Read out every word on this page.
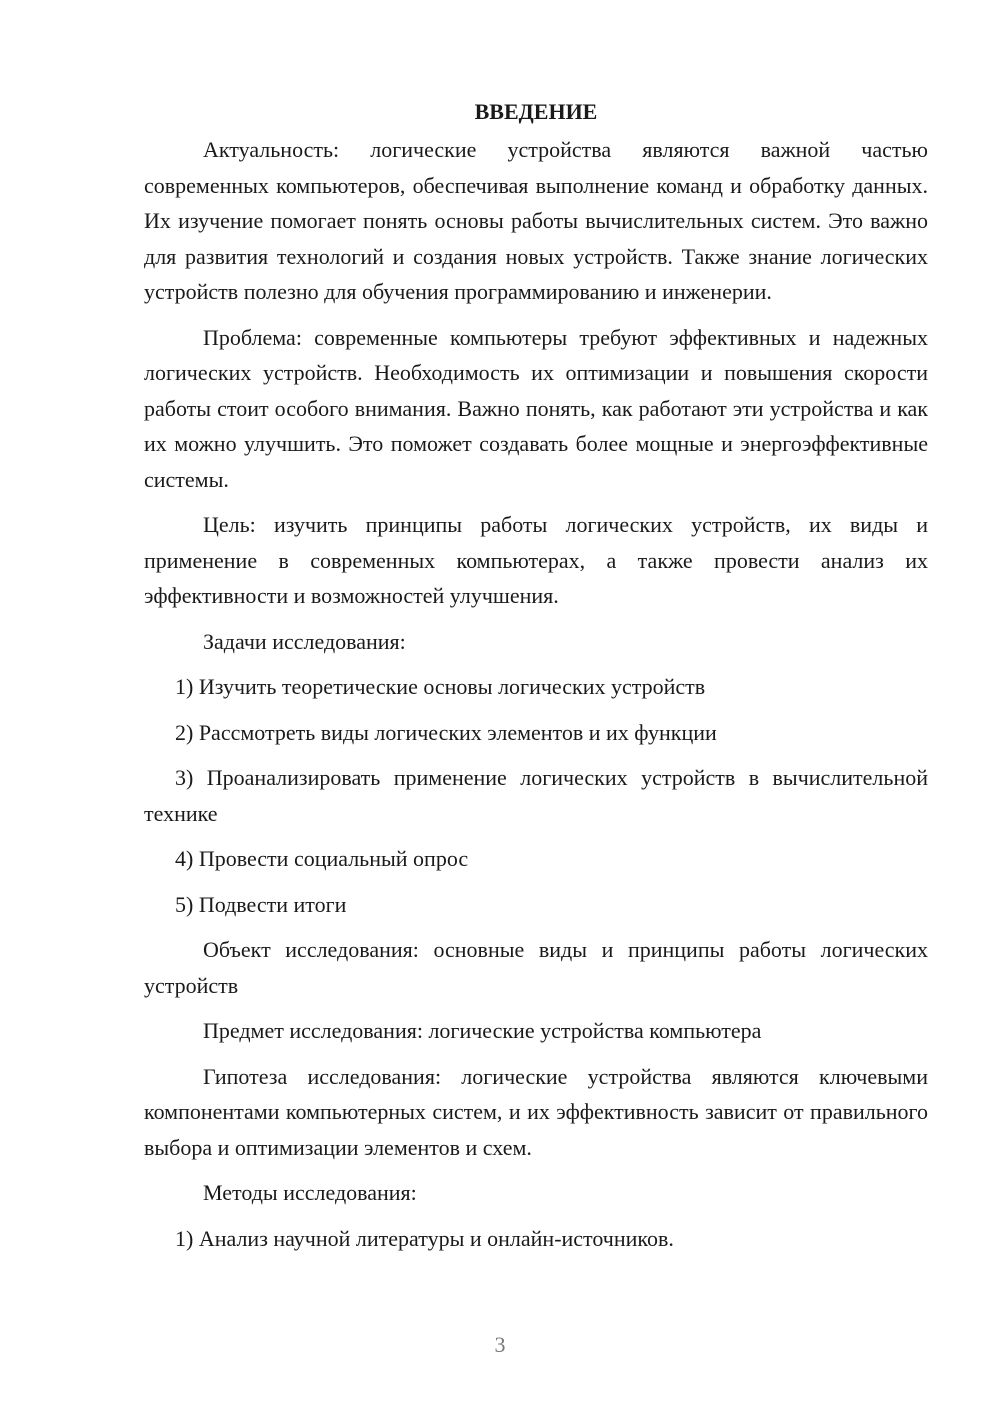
ВВЕДЕНИЕ

Актуальность: логические устройства являются важной частью современных компьютеров, обеспечивая выполнение команд и обработку данных. Их изучение помогает понять основы работы вычислительных систем. Это важно для развития технологий и создания новых устройств. Также знание логических устройств полезно для обучения программированию и инженерии.

Проблема: современные компьютеры требуют эффективных и надежных логических устройств. Необходимость их оптимизации и повышения скорости работы стоит особого внимания. Важно понять, как работают эти устройства и как их можно улучшить. Это поможет создавать более мощные и энергоэффективные системы.

Цель: изучить принципы работы логических устройств, их виды и применение в современных компьютерах, а также провести анализ их эффективности и возможностей улучшения.

Задачи исследования:

1) Изучить теоретические основы логических устройств

2) Рассмотреть виды логических элементов и их функции

3) Проанализировать применение логических устройств в вычислительной технике

4) Провести социальный опрос

5) Подвести итоги

Объект исследования: основные виды и принципы работы логических устройств

Предмет исследования: логические устройства компьютера

Гипотеза исследования: логические устройства являются ключевыми компонентами компьютерных систем, и их эффективность зависит от правильного выбора и оптимизации элементов и схем.

Методы исследования:

1) Анализ научной литературы и онлайн-источников.

3
